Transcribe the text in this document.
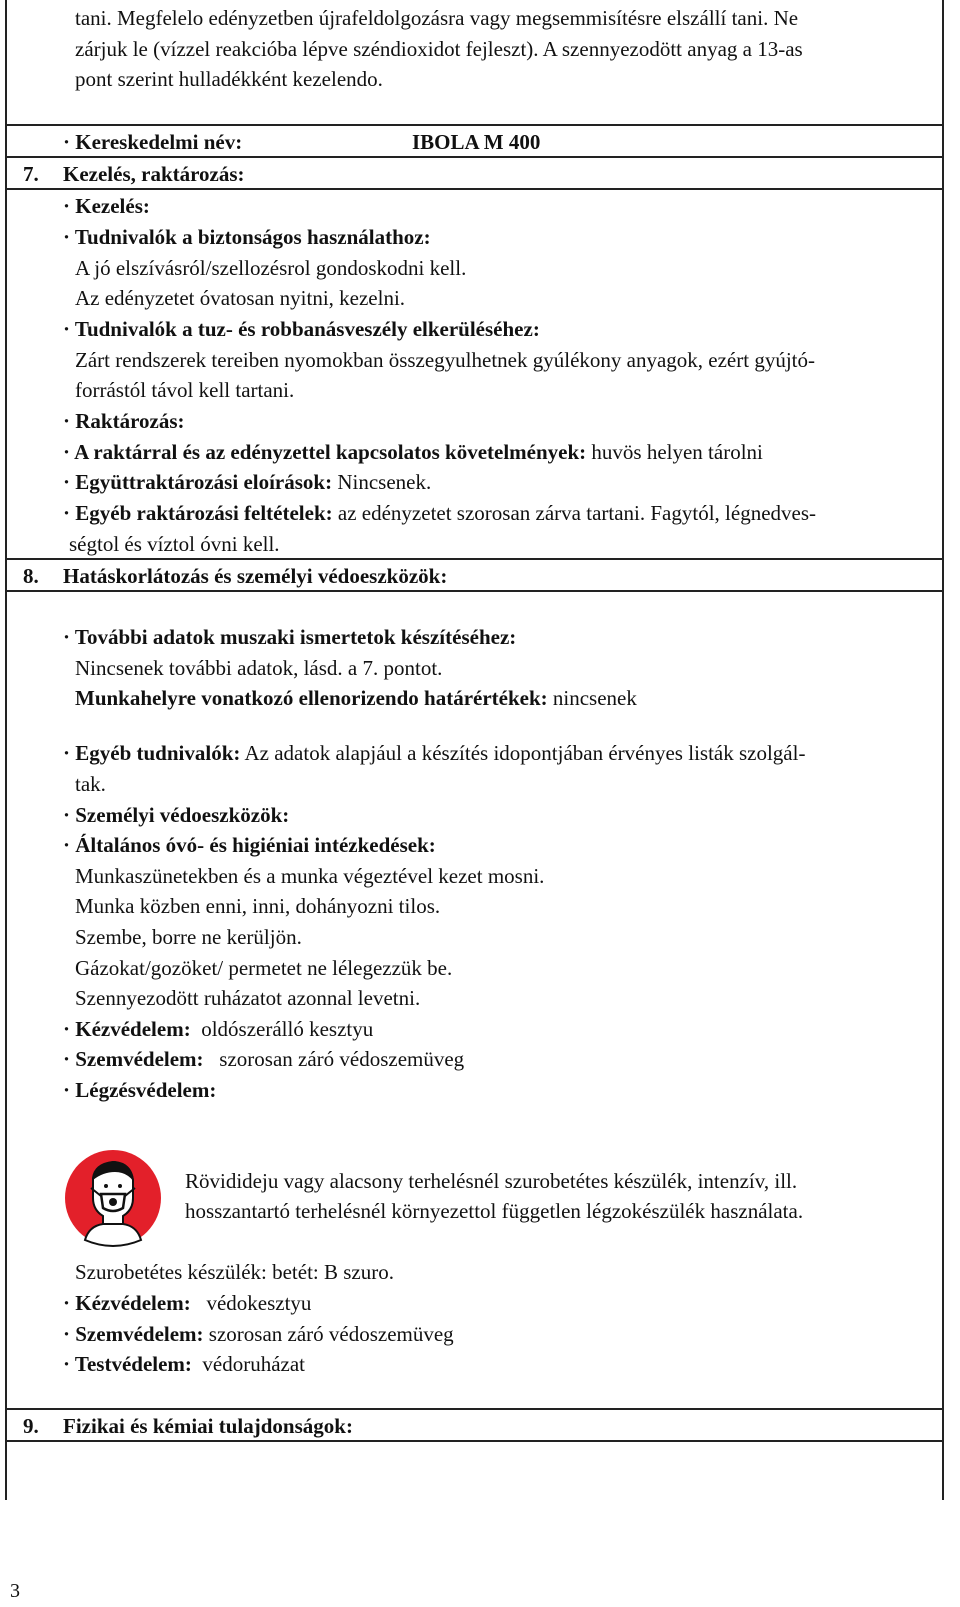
tani. Megfelelo edényzetben újrafeldolgozásra vagy megsemmisítésre elszállí tani. Ne
zárjuk le (vízzel reakcióba lépve széndioxidot fejleszt). A szennyezodött anyag a 13-as
pont szerint hulladékként kezelendo.
· Kereskedelmi név:	IBOLA M 400
7. Kezelés, raktározás:
· Kezelés:
· Tudnivalók a biztonságos használathoz:
A jó elszívásról/szellozésrol gondoskodni kell.
Az edényzetet óvatosan nyitni, kezelni.
· Tudnivalók a tuz- és robbanásveszély elkerüléséhez:
Zárt rendszerek tereiben nyomokban összegyulhetnek gyúlékony anyagok, ezért gyújtó-
forrástól távol kell tartani.
· Raktározás:
· A raktárral és az edényzettel kapcsolatos követelmények: huvös helyen tárolni
· Együttraktározási eloírások: Nincsenek.
· Egyéb raktározási feltételek: az edényzetet szorosan zárva tartani. Fagytól, légnedves-
ségtol és víztol óvni kell.
8. Hatáskorlátozás és személyi védoeszközök:
· További adatok muszaki ismertetok készítéséhez:
Nincsenek további adatok, lásd. a 7. pontot.
Munkahelyre vonatkozó ellenorizendo határértékek: nincsenek
· Egyéb tudnivalók: Az adatok alapjául a készítés idopontjában érvényes listák szolgál-
tak.
· Személyi védoeszközök:
· Általános óvó- és higiéniai intézkedések:
Munkaszünetekben és a munka végeztével kezet mosni.
Munka közben enni, inni, dohányozni tilos.
Szembe, borre ne kerüljön.
Gázokat/gozöket/ permetet ne lélegezzük be.
Szennyezodött ruházatot azonnal levetni.
· Kézvédelem: oldószerálló kesztyu
· Szemvédelem: szorosan záró védoszemüveg
· Légzésvédelem:
Rövidideju vagy alacsony terhelésnél szurobetétes készülék, intenzív, ill.
hosszantartó terhelésnél környezettol független légzokészülék használata.
Szurobetétes készülék: betét: B szuro.
· Kézvédelem: védokesztyu
· Szemvédelem: szorosan záró védoszemüveg
· Testvédelem: védoruházat
9. Fizikai és kémiai tulajdonságok:
3
